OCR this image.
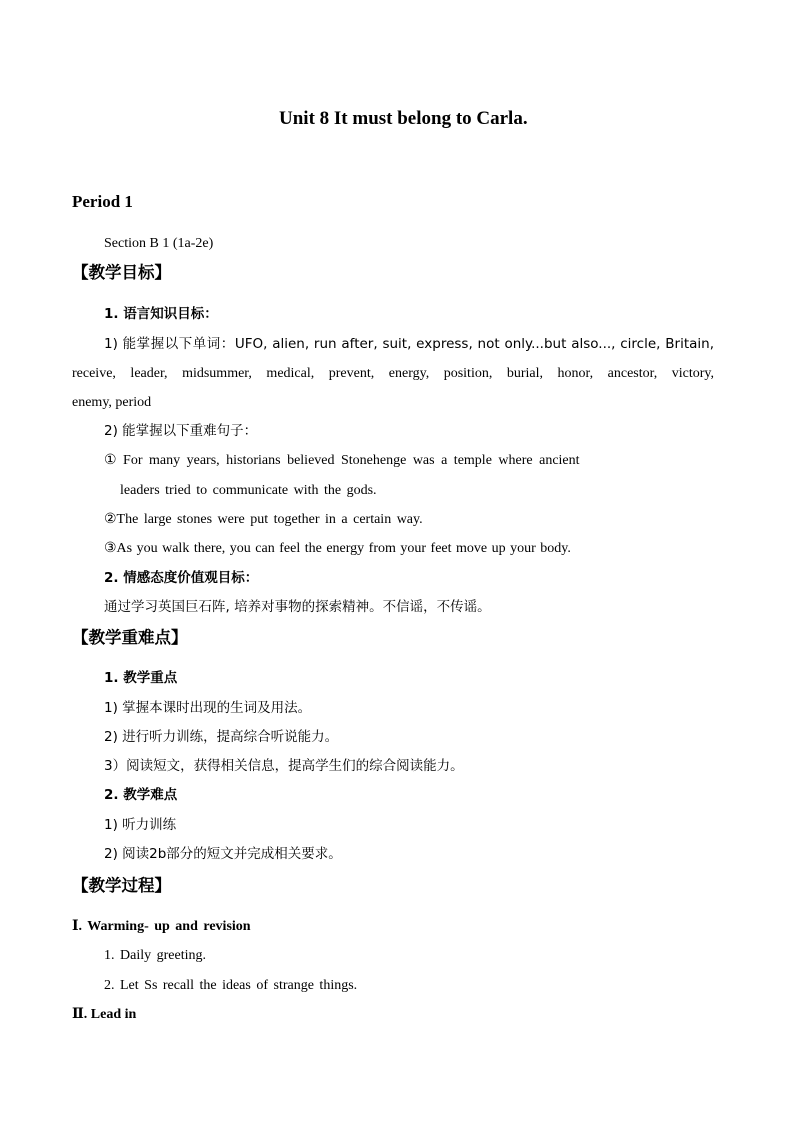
Unit 8 It must belong to Carla.
Period 1
Section B 1 (1a-2e)
【教学目标】
1. 语言知识目标：
1) 能掌握以下单词：UFO, alien, run after, suit, express, not only...but also..., circle, Britain,
receive, leader, midsummer, medical, prevent, energy, position, burial, honor, ancestor, victory,
enemy, period
2) 能掌握以下重难句子：
① For many years, historians believed Stonehenge was a temple where ancient
leaders tried to communicate with the gods.
②The large stones were put together in a certain way.
③As you walk there, you can feel the energy from your feet move up your body.
2. 情感态度价值观目标：
通过学习英国巨石阵, 培养对事物的探索精神。不信谣，不传谣。
【教学重难点】
1. 教学重点
1) 掌握本课时出现的生词及用法。
2) 进行听力训练，提高综合听说能力。
3）阅读短文，获得相关信息，提高学生们的综合阅读能力。
2. 教学难点
1) 听力训练
2) 阅读2b部分的短文并完成相关要求。
【教学过程】
Ⅰ. Warming- up and revision
1. Daily greeting.
2. Let Ss recall the ideas of strange things.
Ⅱ. Lead in
